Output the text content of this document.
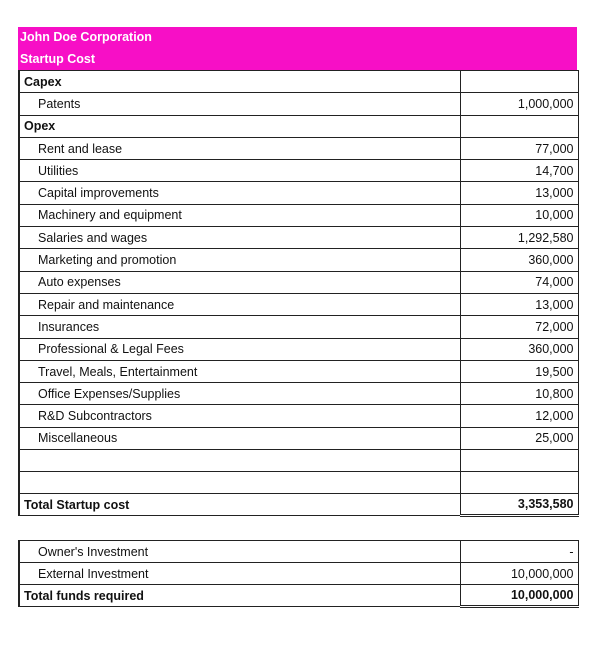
John Doe Corporation
Startup Cost
Capex	
Patents	1,000,000
Opex	
Rent and lease	77,000
Utilities	14,700
Capital improvements	13,000
Machinery and equipment	10,000
Salaries and wages	1,292,580
Marketing and promotion	360,000
Auto expenses	74,000
Repair and maintenance	13,000
Insurances	72,000
Professional & Legal Fees	360,000
Travel, Meals, Entertainment	19,500
Office Expenses/Supplies	10,800
R&D Subcontractors	12,000
Miscellaneous	25,000

Total Startup cost	3,353,580
Owner's Investment	-
External Investment	10,000,000
Total funds required	10,000,000
